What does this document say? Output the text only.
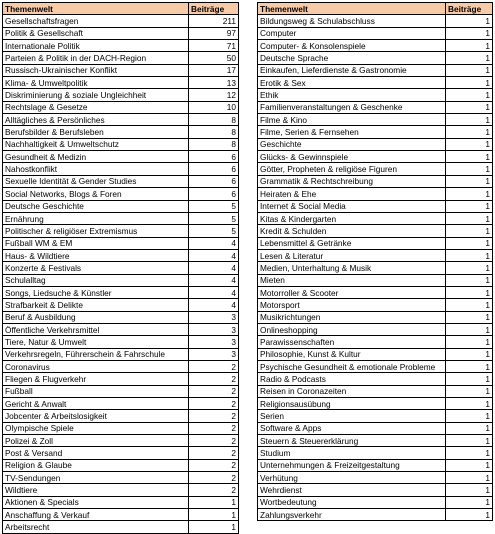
Themenwelt	Beiträge
Gesellschaftsfragen	211
Politik & Gesellschaft	97
Internationale Politik	71
Parteien & Politik in der DACH-Region	50
Russisch-Ukrainischer Konflikt	17
Klima- & Umweltpolitik	13
Diskriminierung & soziale Ungleichheit	12
Rechtslage & Gesetze	10
Alltägliches & Persönliches	8
Berufsbilder & Berufsleben	8
Nachhaltigkeit & Umweltschutz	8
Gesundheit & Medizin	6
Nahostkonflikt	6
Sexuelle Identität & Gender Studies	6
Social Networks, Blogs & Foren	6
Deutsche Geschichte	5
Ernährung	5
Politischer & religiöser Extremismus	5
Fußball WM & EM	4
Haus- & Wildtiere	4
Konzerte & Festivals	4
Schulalltag	4
Songs, Liedsuche & Künstler	4
Strafbarkeit & Delikte	4
Beruf & Ausbildung	3
Öffentliche Verkehrsmittel	3
Tiere, Natur & Umwelt	3
Verkehrsregeln, Führerschein & Fahrschule	3
Coronavirus	2
Fliegen & Flugverkehr	2
Fußball	2
Gericht & Anwalt	2
Jobcenter & Arbeitslosigkeit	2
Olympische Spiele	2
Polizei & Zoll	2
Post & Versand	2
Religion & Glaube	2
TV-Sendungen	2
Wildtiere	2
Aktionen & Specials	1
Anschaffung & Verkauf	1
Arbeitsrecht	1
Themenwelt	Beiträge
Bildungsweg & Schulabschluss	1
Computer	1
Computer- & Konsolenspiele	1
Deutsche Sprache	1
Einkaufen, Lieferdienste & Gastronomie	1
Erotik & Sex	1
Ethik	1
Familienveranstaltungen & Geschenke	1
Filme & Kino	1
Filme, Serien & Fernsehen	1
Geschichte	1
Glücks- & Gewinnspiele	1
Götter, Propheten & religiöse Figuren	1
Grammatik & Rechtschreibung	1
Heiraten & Ehe	1
Internet & Social Media	1
Kitas & Kindergarten	1
Kredit & Schulden	1
Lebensmittel & Getränke	1
Lesen & Literatur	1
Medien, Unterhaltung & Musik	1
Mieten	1
Motorroller & Scooter	1
Motorsport	1
Musikrichtungen	1
Onlineshopping	1
Parawissenschaften	1
Philosophie, Kunst & Kultur	1
Psychische Gesundheit & emotionale Probleme	1
Radio & Podcasts	1
Reisen in Coronazeiten	1
Religionsausübung	1
Serien	1
Software & Apps	1
Steuern & Steuererklärung	1
Studium	1
Unternehmungen & Freizeitgestaltung	1
Verhütung	1
Wehrdienst	1
Wortbedeutung	1
Zahlungsverkehr	1
